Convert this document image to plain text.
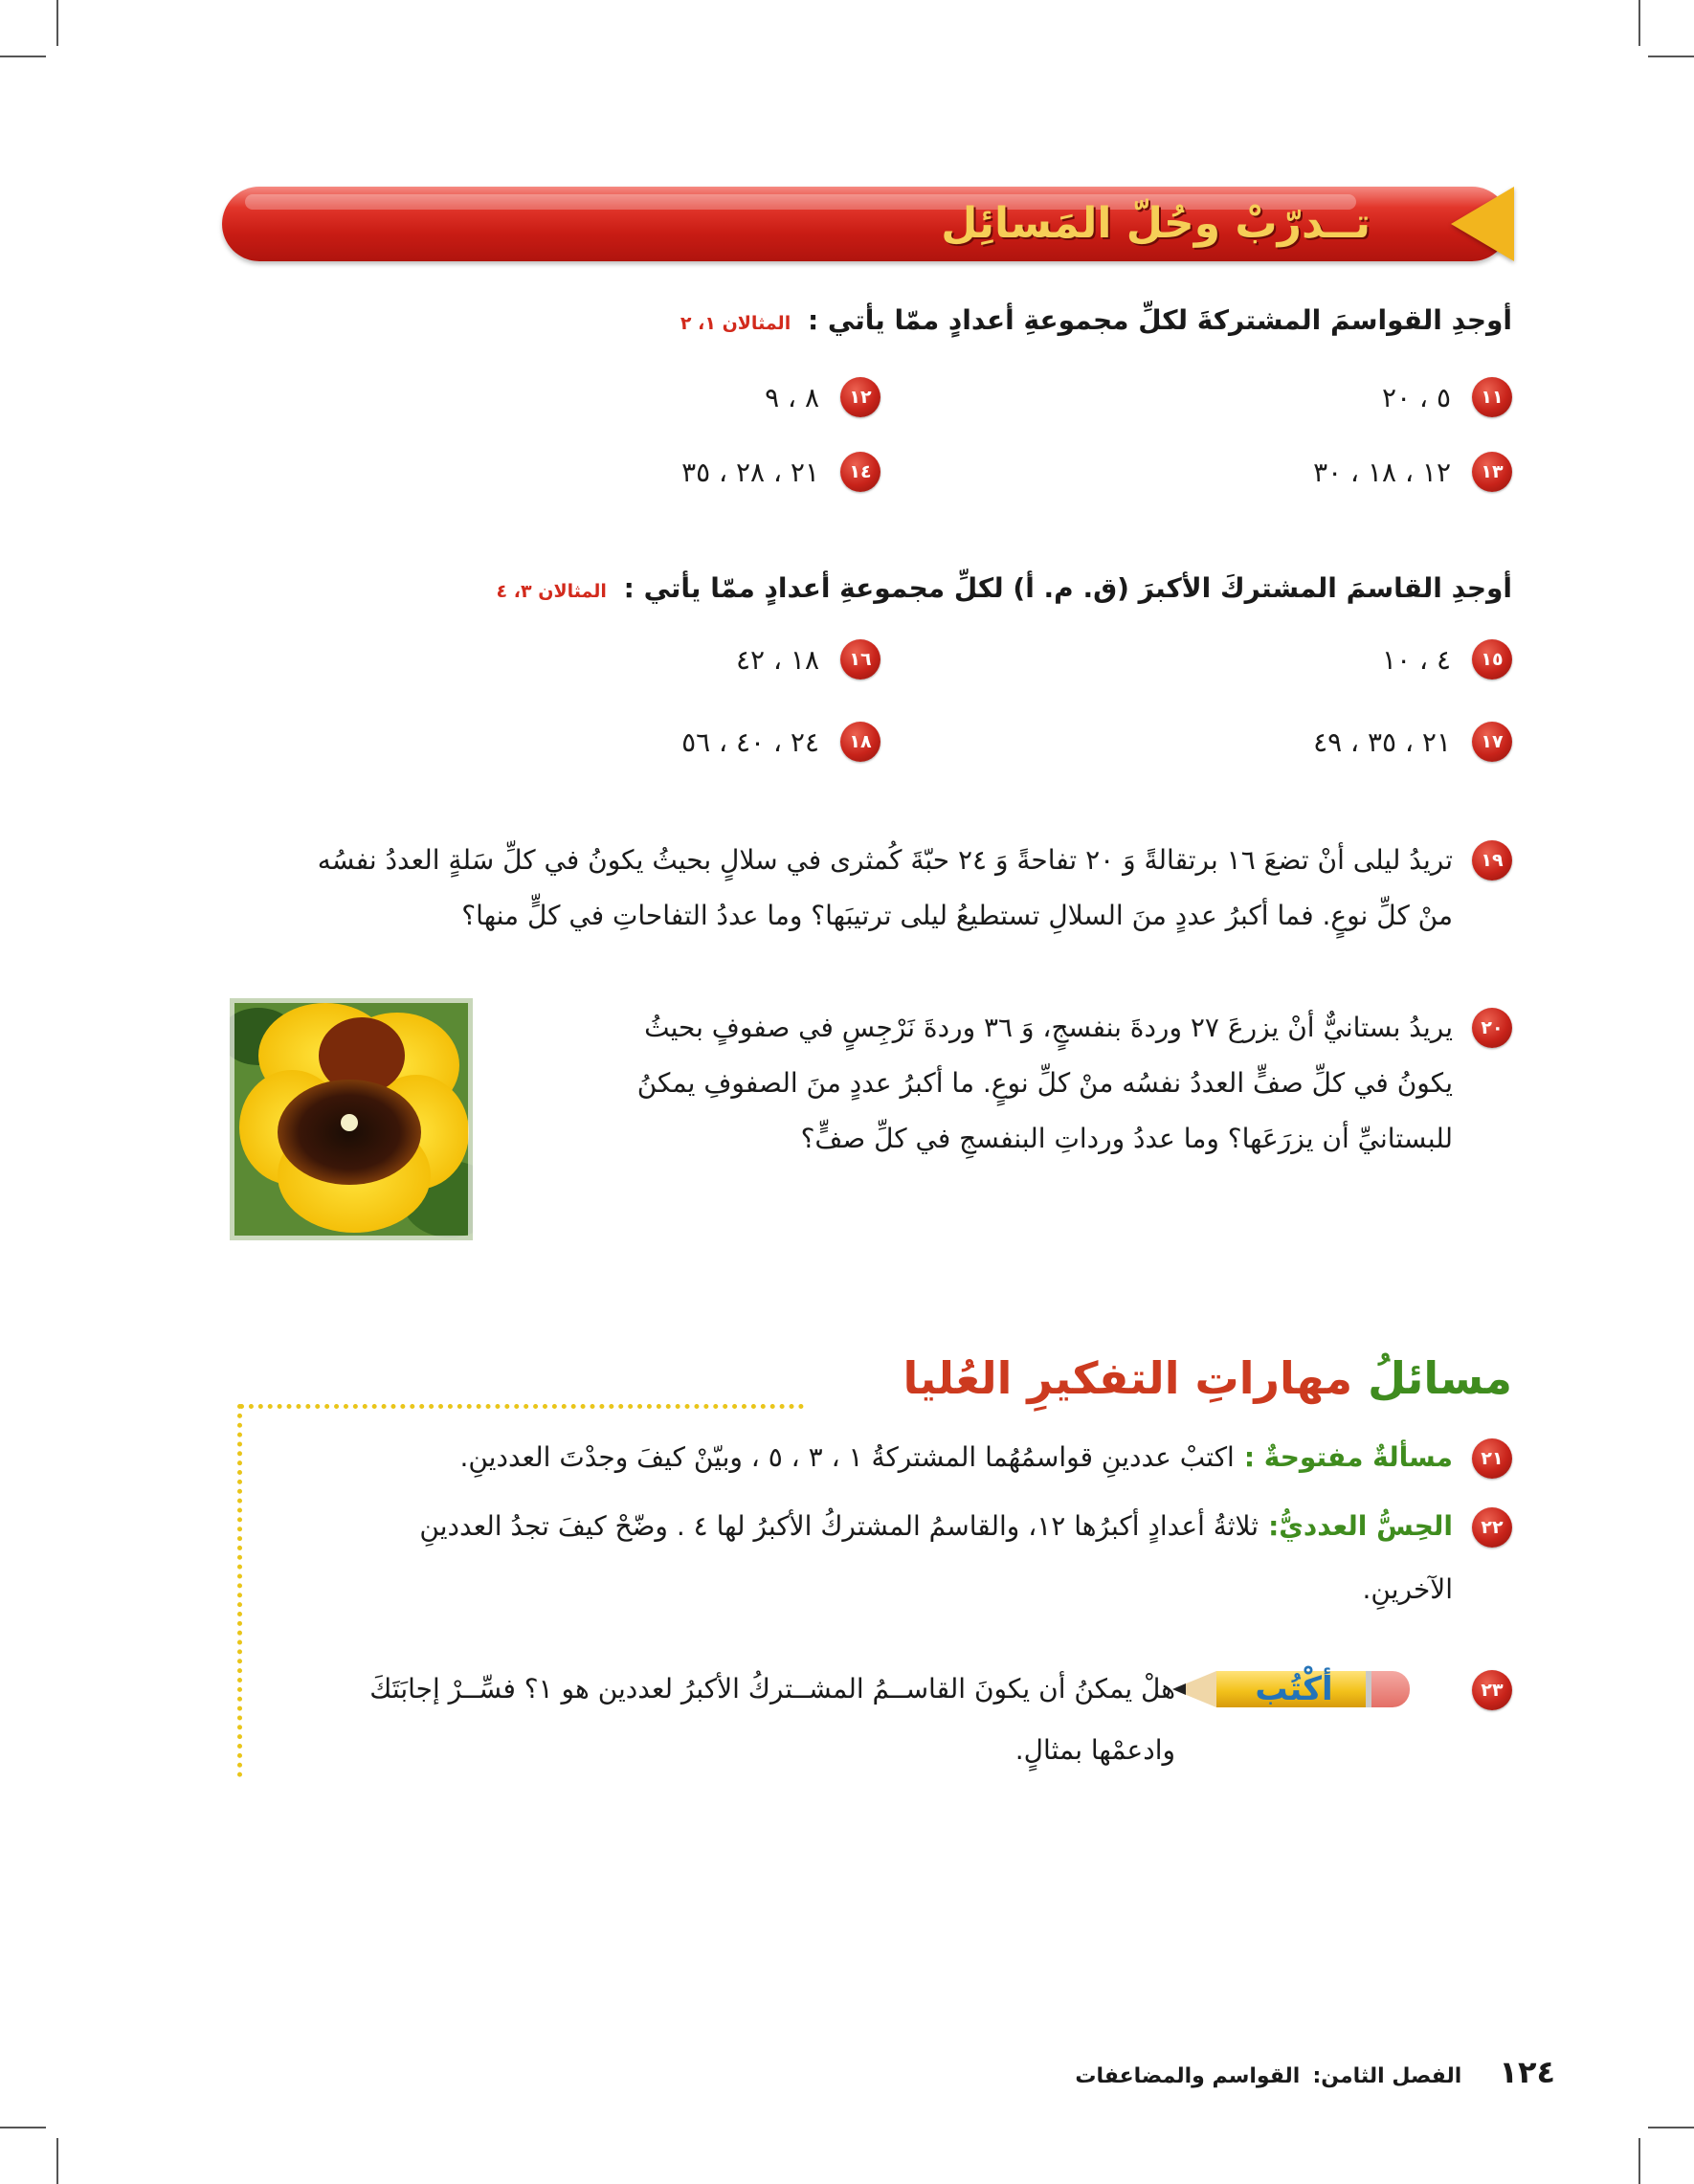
تــدرّبْ وحُلّ المَسائِل
أوجدِ القواسمَ المشتركةَ لكلِّ مجموعةِ أعدادٍ ممّا يأتي : المثالان ١، ٢
١١
٥ ، ٢٠
١٢
٨ ، ٩
١٣
١٢ ، ١٨ ، ٣٠
١٤
٢١ ، ٢٨ ، ٣٥
أوجدِ القاسمَ المشتركَ الأكبرَ (ق. م. أ) لكلِّ مجموعةِ أعدادٍ ممّا يأتي : المثالان ٣، ٤
١٥
٤ ، ١٠
١٦
١٨ ، ٤٢
١٧
٢١ ، ٣٥ ، ٤٩
١٨
٢٤ ، ٤٠ ، ٥٦
١٩
تريدُ ليلى أنْ تضعَ ١٦ برتقالةً وَ ٢٠ تفاحةً وَ ٢٤ حبّةَ كُمثرى في سلالٍ بحيثُ يكونُ في كلِّ سَلةٍ العددُ نفسُه
منْ كلِّ نوعٍ. فما أكبرُ عددٍ منَ السلالِ تستطيعُ ليلى ترتيبَها؟ وما عددُ التفاحاتِ في كلٍّ منها؟
٢٠
يريدُ بستانيٌّ أنْ يزرعَ ٢٧ وردةَ بنفسجٍ، وَ ٣٦ وردةَ نَرْجِسٍ في صفوفٍ بحيثُ
يكونُ في كلِّ صفٍّ العددُ نفسُه منْ كلِّ نوعٍ. ما أكبرُ عددٍ منَ الصفوفِ يمكنُ
للبستانيِّ أن يزرَعَها؟ وما عددُ ورداتِ البنفسجِ في كلِّ صفٍّ؟
مسائلُ مهاراتِ التفكيرِ العُليا
٢١
مسألةٌ مفتوحةٌ :اكتبْ عددينِ قواسمُهُما المشتركةُ ١ ، ٣ ، ٥ ، وبيّنْ كيفَ وجدْتَ العددينِ.
٢٢
الحِسُّ العدديُّ:ثلاثةُ أعدادٍ أكبرُها ١٢، والقاسمُ المشتركُ الأكبرُ لها ٤ . وضّحْ كيفَ تجدُ العددينِ
الآخرينِ.
٢٣
هلْ يمكنُ أن يكونَ القاســمُ المشــتركُ الأكبرُ لعددين هو ١؟ فسِّــرْ إجابَتَكَ
وادعمْها بمثالٍ.
أكْتُب
١٢٤ الفصل الثامن: القواسم والمضاعفات
